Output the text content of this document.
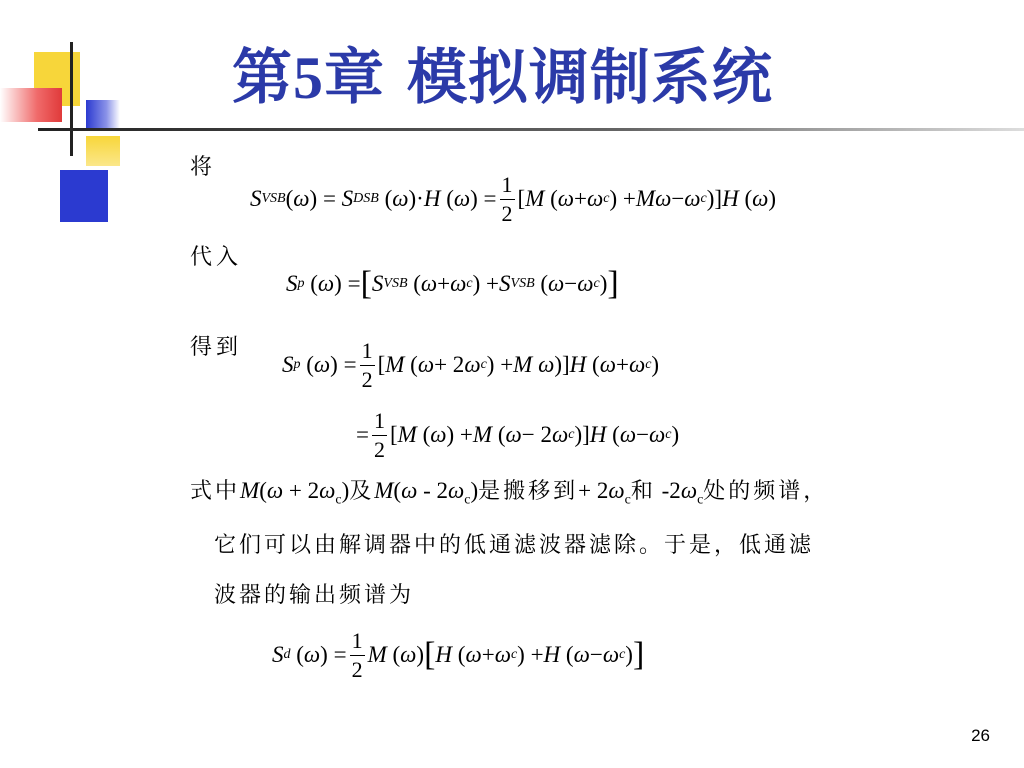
第5章 模拟调制系统
将
S VSB ( ω ) = S DSB ( ω )· H ( ω ) = $\frac{1}{2}$ [ M ( ω + ω c ) + M ω − ω c )] H ( ω )
代入
S p ( ω ) = [ S VSB ( ω + ω c ) + S VSB ( ω − ω c ) ]
得到
S p ( ω ) = $\frac{1}{2}$ [ M ( ω + 2 ω c ) + M
ω )] H ( ω + ω c )
= $\frac{1}{2}$ [ M ( ω ) + M ( ω − 2 ω c )] H ( ω − ω c )
式中$M(\omega + 2\omega_c)$及$M(\omega - 2\omega_c)$是搬移到+ $2\omega_c$和 $-2\omega_c$处的频谱，
它们可以由解调器中的低通滤波器滤除。于是，低通滤
波器的输出频谱为
S d ( ω ) = $\frac{1}{2}$ M ( ω ) [ H ( ω + ω c ) + H ( ω − ω c ) ]
26
